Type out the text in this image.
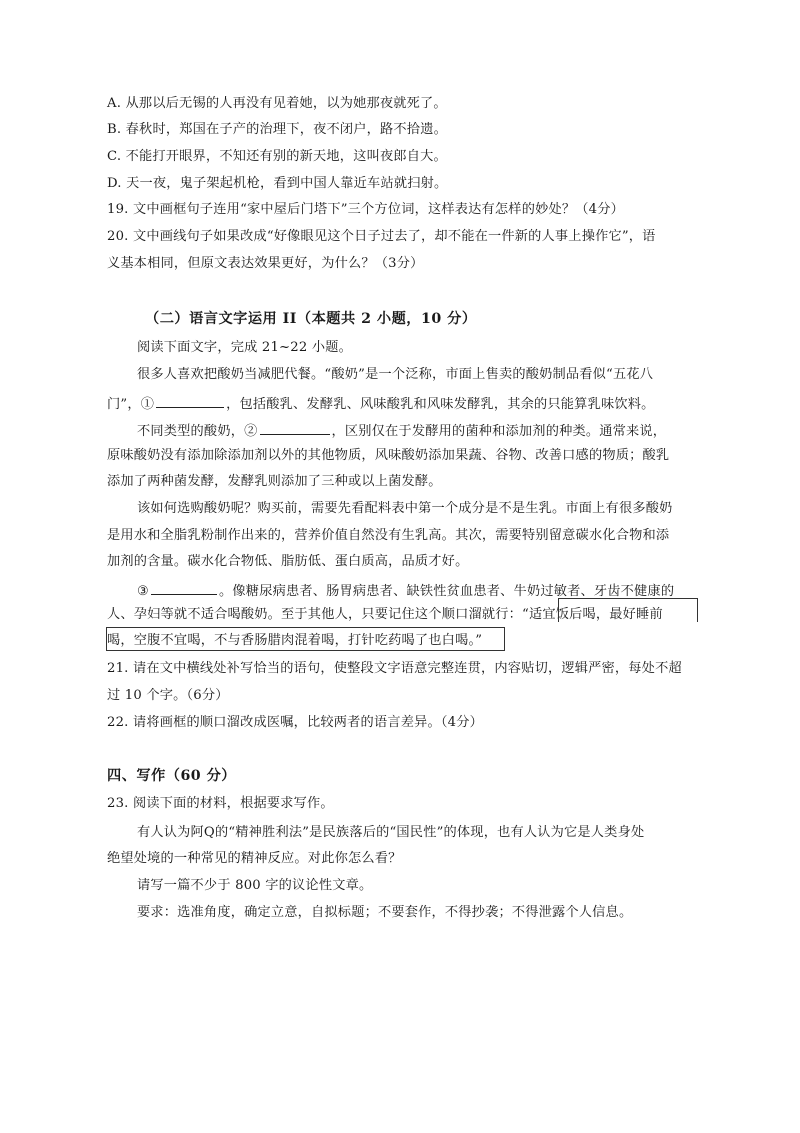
A. 从那以后无锡的人再没有见着她，以为她那夜就死了。
B. 春秋时，郑国在子产的治理下，夜不闭户，路不拾遗。
C. 不能打开眼界，不知还有别的新天地，这叫夜郎自大。
D. 天一夜，鬼子架起机枪，看到中国人靠近车站就扫射。
19. 文中画框句子连用“家中屋后门塔下”三个方位词，这样表达有怎样的妙处？（4分）
20. 文中画线句子如果改成“好像眼见这个日子过去了，却不能在一件新的人事上操作它”，语
义基本相同，但原文表达效果更好，为什么？（3分）
（二）语言文字运用 II（本题共 2 小题，10 分）
阅读下面文字，完成 21~22 小题。
很多人喜欢把酸奶当减肥代餐。“酸奶”是一个泛称，市面上售卖的酸奶制品看似“五花八
门”，①	，包括酸乳、发酵乳、风味酸乳和风味发酵乳，其余的只能算乳味饮料。
不同类型的酸奶，②	，区别仅在于发酵用的菌种和添加剂的种类。通常来说，
原味酸奶没有添加除添加剂以外的其他物质，风味酸奶添加果蔬、谷物、改善口感的物质；酸乳
添加了两种菌发酵，发酵乳则添加了三种或以上菌发酵。
该如何选购酸奶呢？购买前，需要先看配料表中第一个成分是不是生乳。市面上有很多酸奶
是用水和全脂乳粉制作出来的，营养价值自然没有生乳高。其次，需要特别留意碳水化合物和添
加剂的含量。碳水化合物低、脂肪低、蛋白质高，品质才好。
③	。像糖尿病患者、肠胃病患者、缺铁性贫血患者、牛奶过敏者、牙齿不健康的
人、孕妇等就不适合喝酸奶。至于其他人，只要记住这个顺口溜就行：“适宜饭后喝，最好睡前
喝，空腹不宜喝，不与香肠腊肉混着喝，打针吃药喝了也白喝。”
21. 请在文中横线处补写恰当的语句，使整段文字语意完整连贯，内容贴切，逻辑严密，每处不超
过 10 个字。（6分）
22. 请将画框的顺口溜改成医嘱，比较两者的语言差异。（4分）
四、写作（60 分）
23. 阅读下面的材料，根据要求写作。
有人认为阿Q的“精神胜利法”是民族落后的“国民性”的体现，也有人认为它是人类身处
绝望处境的一种常见的精神反应。对此你怎么看？
请写一篇不少于 800 字的议论性文章。
要求：选准角度，确定立意，自拟标题；不要套作，不得抄袭；不得泄露个人信息。
